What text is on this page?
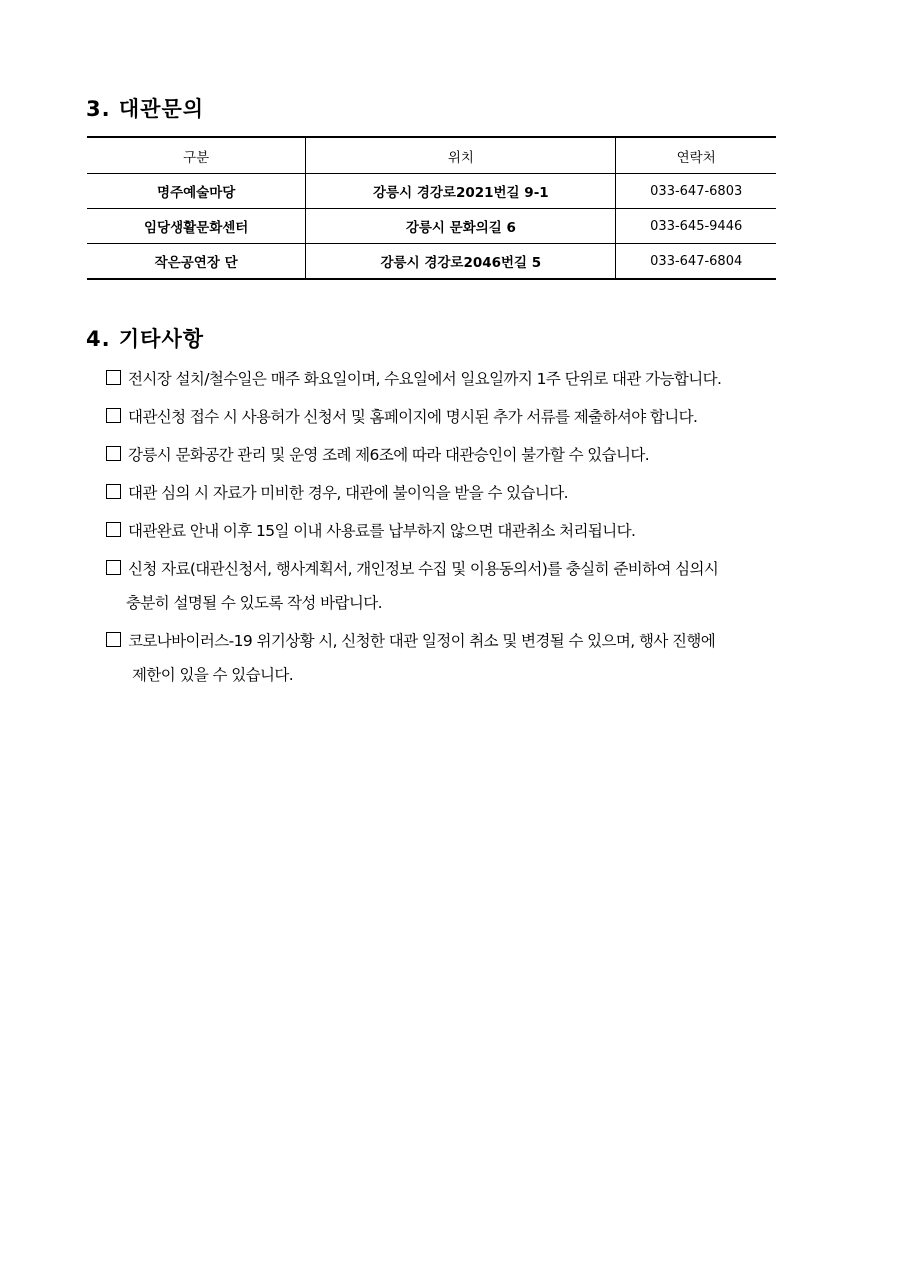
3. 대관문의
구분	위치	연락처
명주예술마당	강릉시 경강로2021번길 9-1	033-647-6803
임당생활문화센터	강릉시 문화의길 6	033-645-9446
작은공연장 단	강릉시 경강로2046번길 5	033-647-6804
4. 기타사항
전시장 설치/철수일은 매주 화요일이며, 수요일에서 일요일까지 1주 단위로 대관 가능합니다.
대관신청 접수 시 사용허가 신청서 및 홈페이지에 명시된 추가 서류를 제출하셔야 합니다.
강릉시 문화공간 관리 및 운영 조례 제6조에 따라 대관승인이 불가할 수 있습니다.
대관 심의 시 자료가 미비한 경우, 대관에 불이익을 받을 수 있습니다.
대관완료 안내 이후 15일 이내 사용료를 납부하지 않으면 대관취소 처리됩니다.
신청 자료(대관신청서, 행사계획서, 개인정보 수집 및 이용동의서)를 충실히 준비하여 심의시
충분히 설명될 수 있도록 작성 바랍니다.
코로나바이러스-19 위기상황 시, 신청한 대관 일정이 취소 및 변경될 수 있으며, 행사 진행에
제한이 있을 수 있습니다.
